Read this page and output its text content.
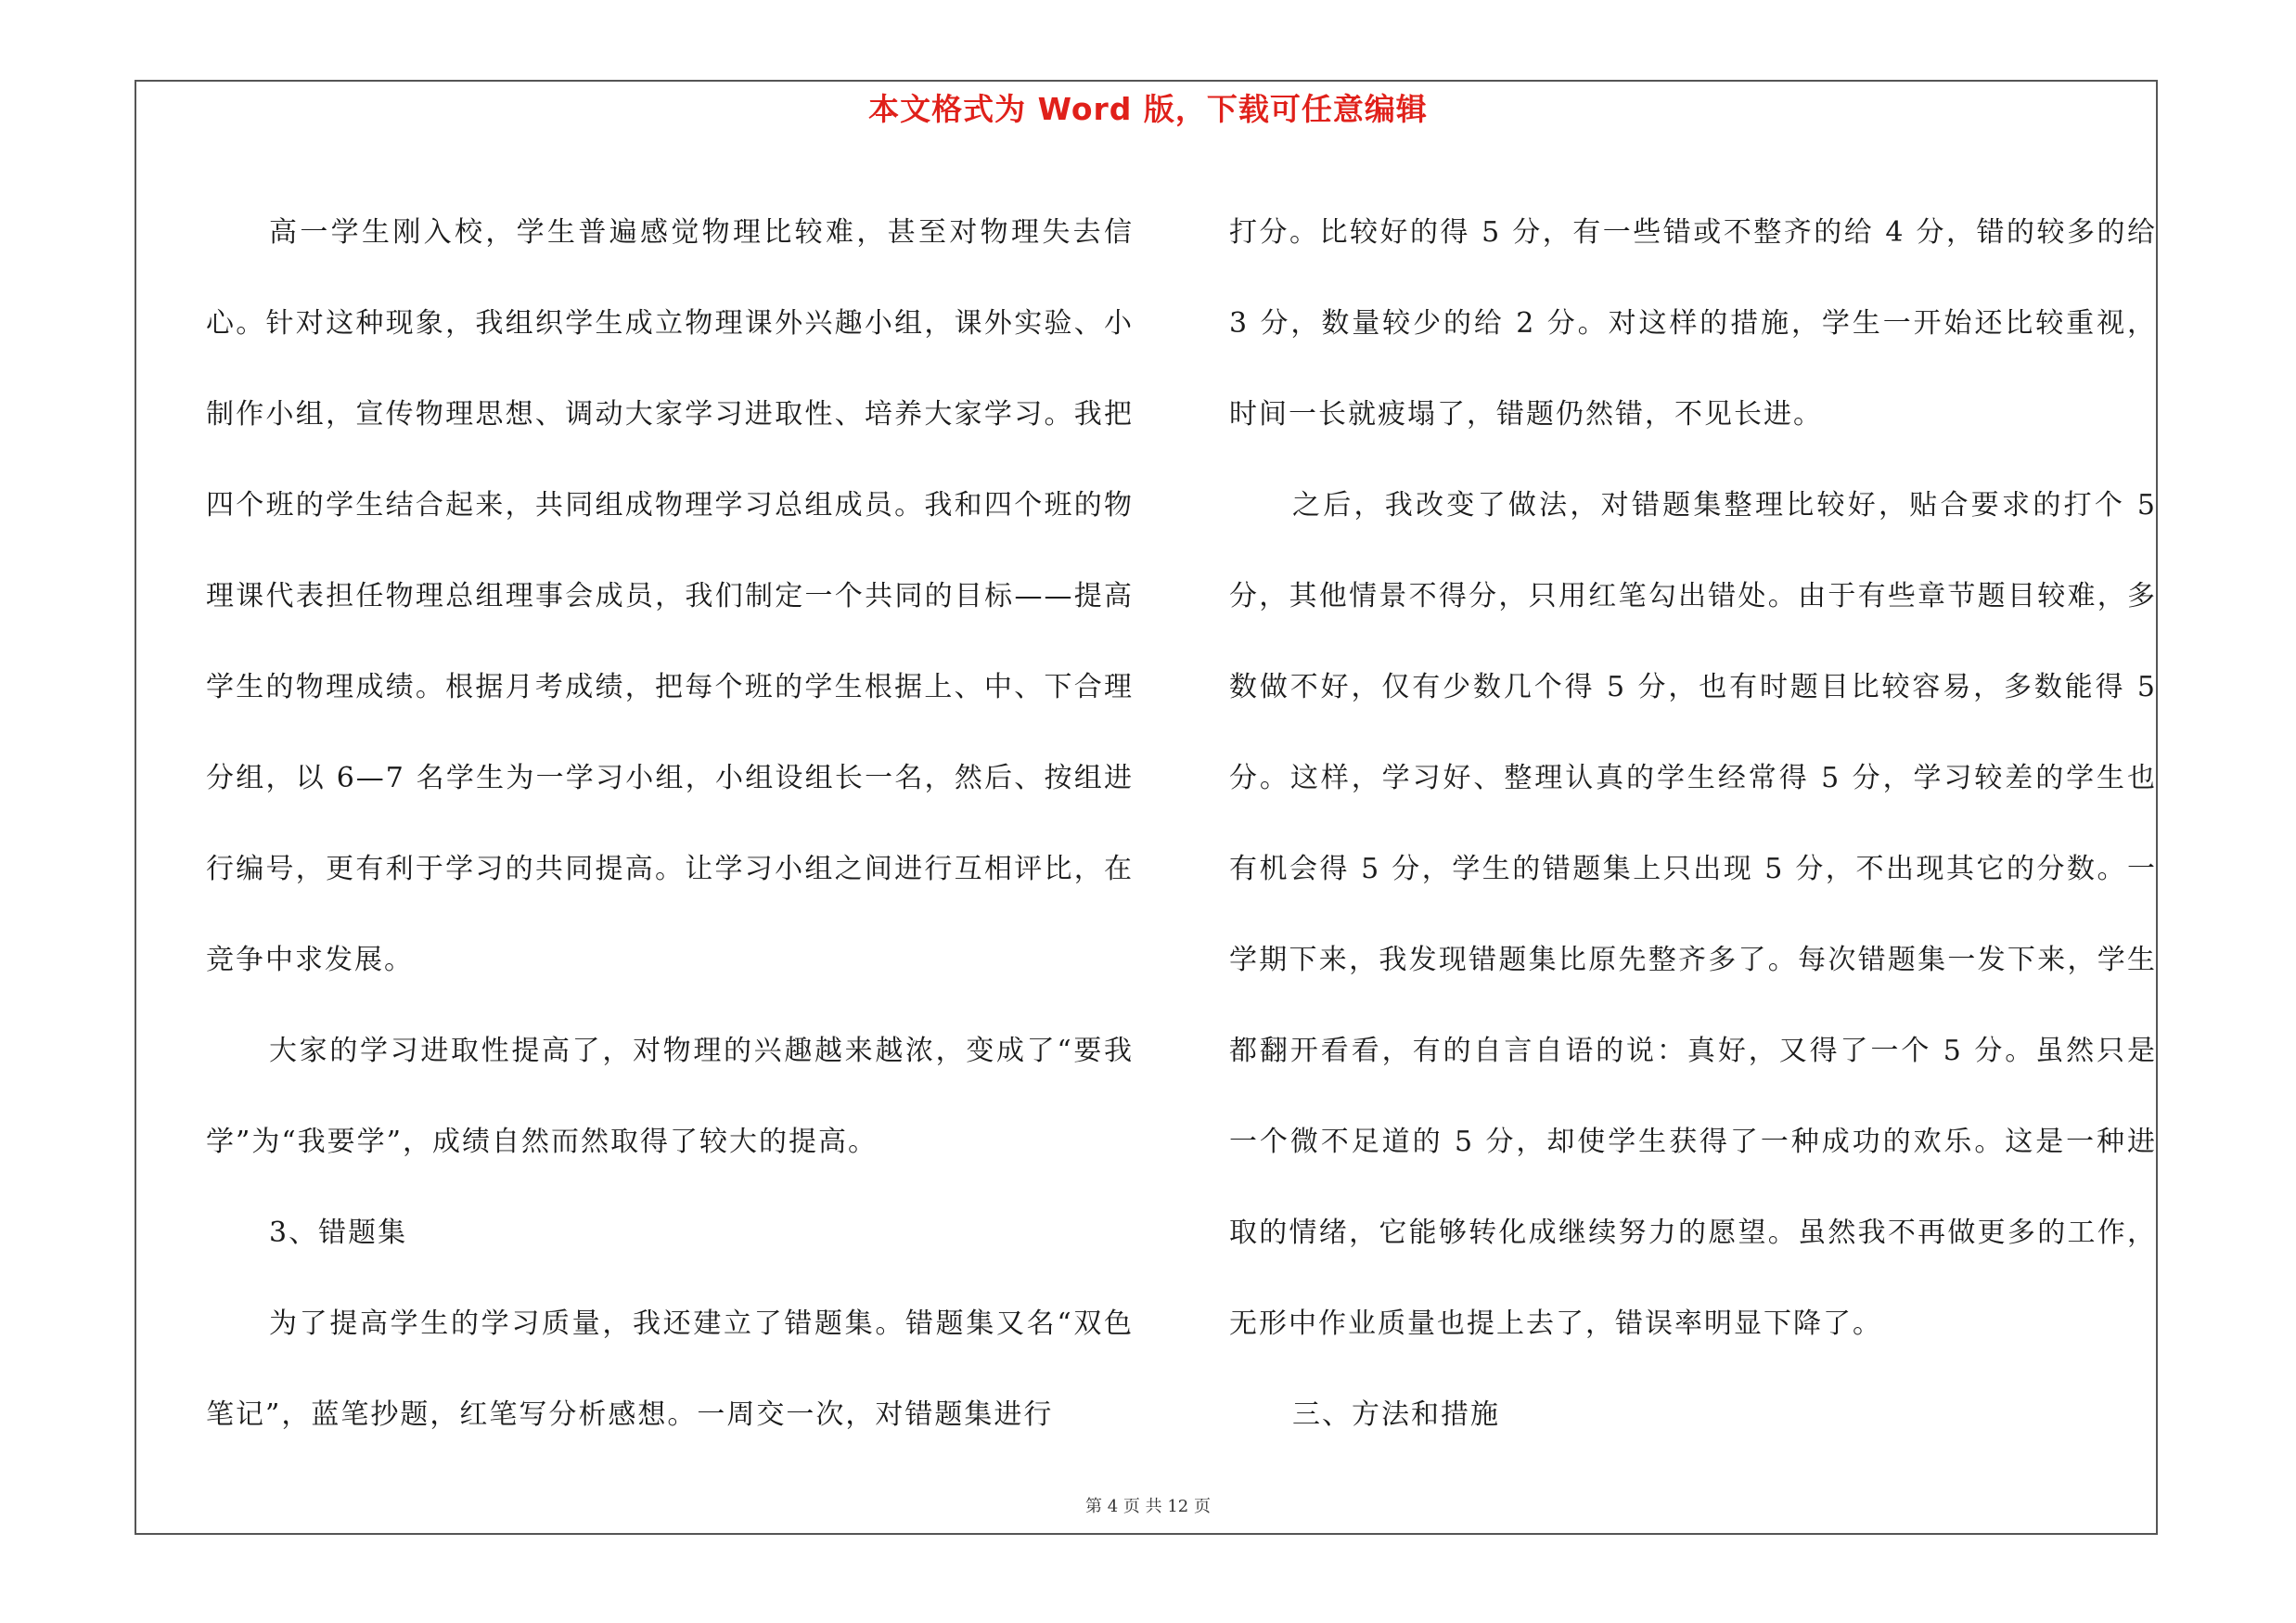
本文格式为 Word 版，下载可任意编辑

高一学生刚入校，学生普遍感觉物理比较难，甚至对物理失去信心。针对这种现象，我组织学生成立物理课外兴趣小组，课外实验、小制作小组，宣传物理思想、调动大家学习进取性、培养大家学习。我把四个班的学生结合起来，共同组成物理学习总组成员。我和四个班的物理课代表担任物理总组理事会成员，我们制定一个共同的目标——提高学生的物理成绩。根据月考成绩，把每个班的学生根据上、中、下合理分组，以 6—7 名学生为一学习小组，小组设组长一名，然后、按组进行编号，更有利于学习的共同提高。让学习小组之间进行互相评比，在竞争中求发展。

大家的学习进取性提高了，对物理的兴趣越来越浓，变成了“要我学”为“我要学”，成绩自然而然取得了较大的提高。

3、错题集

为了提高学生的学习质量，我还建立了错题集。错题集又名“双色笔记”，蓝笔抄题，红笔写分析感想。一周交一次，对错题集进行

打分。比较好的得 5 分，有一些错或不整齐的给 4 分，错的较多的给 3 分，数量较少的给 2 分。对这样的措施，学生一开始还比较重视，时间一长就疲塌了，错题仍然错，不见长进。

之后，我改变了做法，对错题集整理比较好，贴合要求的打个 5 分，其他情景不得分，只用红笔勾出错处。由于有些章节题目较难，多数做不好，仅有少数几个得 5 分，也有时题目比较容易，多数能得 5 分。这样，学习好、整理认真的学生经常得 5 分，学习较差的学生也有机会得 5 分，学生的错题集上只出现 5 分，不出现其它的分数。一学期下来，我发现错题集比原先整齐多了。每次错题集一发下来，学生都翻开看看，有的自言自语的说：真好，又得了一个 5 分。虽然只是一个微不足道的 5 分，却使学生获得了一种成功的欢乐。这是一种进取的情绪，它能够转化成继续努力的愿望。虽然我不再做更多的工作，无形中作业质量也提上去了，错误率明显下降了。

三、方法和措施

第 4 页 共 12 页
